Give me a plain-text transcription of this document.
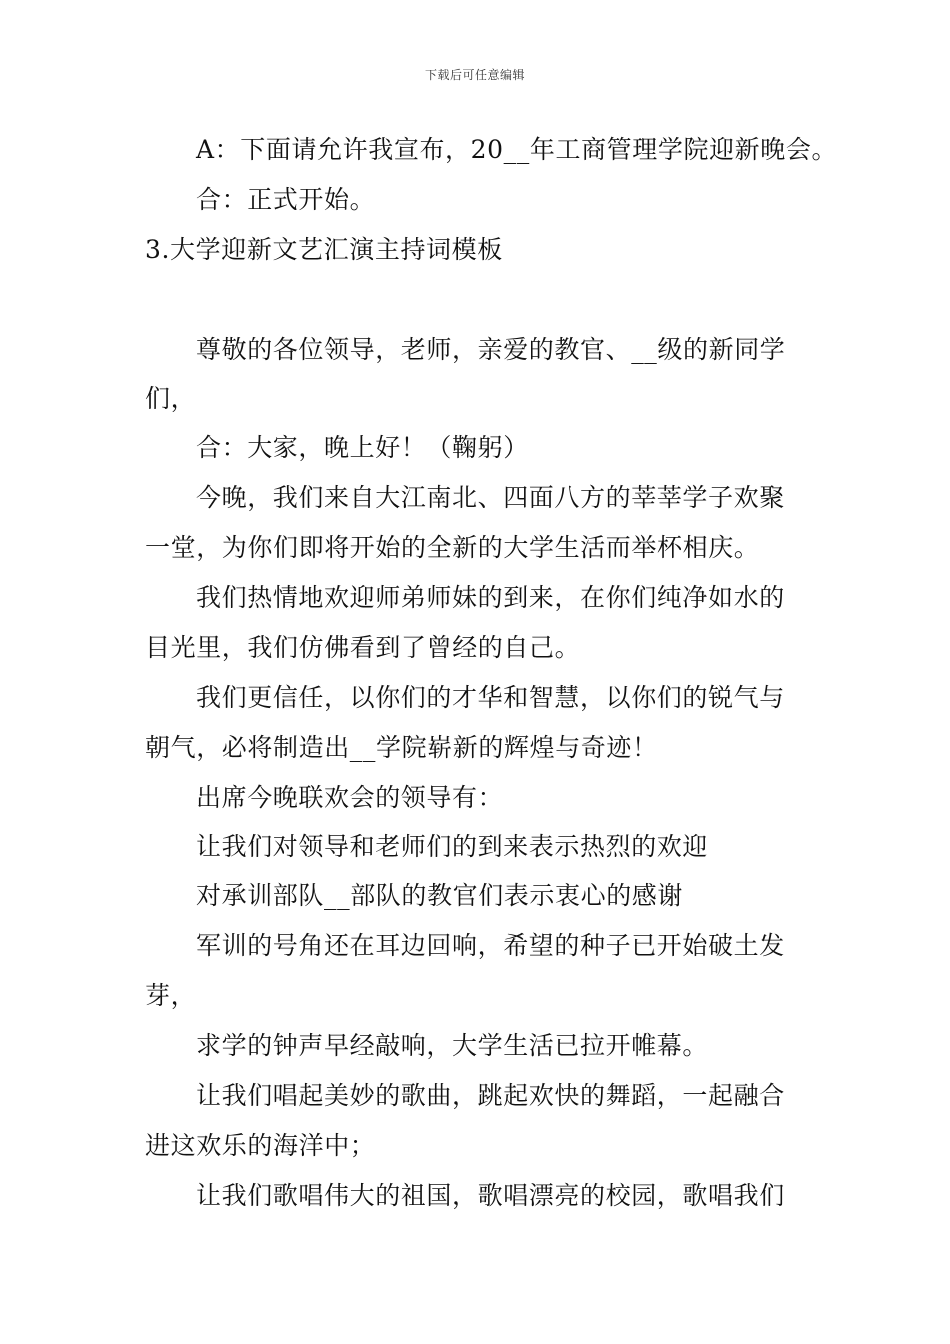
下载后可任意编辑
A：下面请允许我宣布，20__年工商管理学院迎新晚会。
合：正式开始。
3.大学迎新文艺汇演主持词模板
尊敬的各位领导，老师，亲爱的教官、__级的新同学
们，
合：大家，晚上好！（鞠躬）
今晚，我们来自大江南北、四面八方的莘莘学子欢聚
一堂，为你们即将开始的全新的大学生活而举杯相庆。
我们热情地欢迎师弟师妹的到来，在你们纯净如水的
目光里，我们仿佛看到了曾经的自己。
我们更信任，以你们的才华和智慧，以你们的锐气与
朝气，必将制造出__学院崭新的辉煌与奇迹！
出席今晚联欢会的领导有：
让我们对领导和老师们的到来表示热烈的欢迎
对承训部队__部队的教官们表示衷心的感谢
军训的号角还在耳边回响，希望的种子已开始破土发
芽，
求学的钟声早经敲响，大学生活已拉开帷幕。
让我们唱起美妙的歌曲，跳起欢快的舞蹈，一起融合
进这欢乐的海洋中；
让我们歌唱伟大的祖国，歌唱漂亮的校园，歌唱我们
